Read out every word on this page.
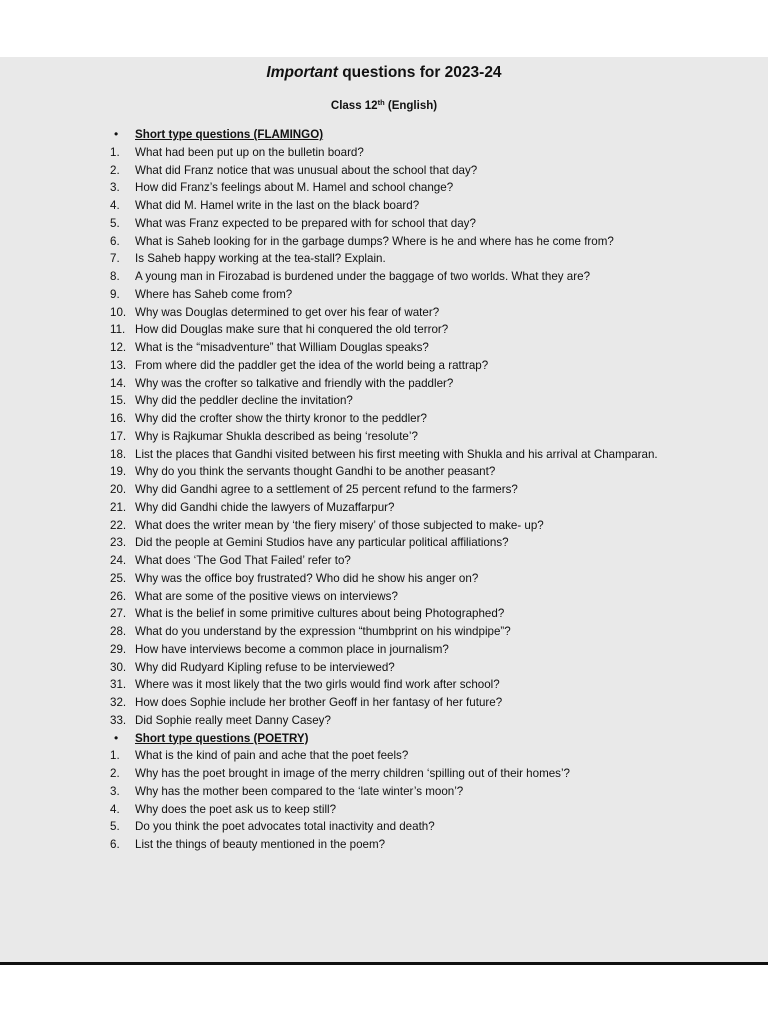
Important questions for 2023-24
Class 12th (English)
•	Short type questions (FLAMINGO)
1.	What had been put up on the bulletin board?
2.	What did Franz notice that was unusual about the school that day?
3.	How did Franz’s feelings about M. Hamel and school change?
4.	What did M. Hamel write in the last on the black board?
5.	What was Franz expected to be prepared with for school that day?
6.	What is Saheb looking for in the garbage dumps? Where is he and where has he come from?
7.	Is Saheb happy working at the tea-stall? Explain.
8.	A young man in Firozabad is burdened under the baggage of two worlds. What they are?
9.	Where has Saheb come from?
10. Why was Douglas determined to get over his fear of water?
11. How did Douglas make sure that hi conquered the old terror?
12. What is the “misadventure” that William Douglas speaks?
13. From where did the paddler get the idea of the world being a rattrap?
14. Why was the crofter so talkative and friendly with the paddler?
15. Why did the peddler decline the invitation?
16. Why did the crofter show the thirty kronor to the peddler?
17. Why is Rajkumar Shukla described as being ‘resolute’?
18. List the places that Gandhi visited between his first meeting with Shukla and his arrival at Champaran.
19. Why do you think the servants thought Gandhi to be another peasant?
20. Why did Gandhi agree to a settlement of 25 percent refund to the farmers?
21. Why did Gandhi chide the lawyers of Muzaffarpur?
22. What does the writer mean by ‘the fiery misery’ of those subjected to make- up?
23. Did the people at Gemini Studios have any particular political affiliations?
24. What does ‘The God That Failed’ refer to?
25. Why was the office boy frustrated? Who did he show his anger on?
26. What are some of the positive views on interviews?
27. What is the belief in some primitive cultures about being Photographed?
28. What do you understand by the expression “thumbprint on his windpipe”?
29. How have interviews become a common place in journalism?
30. Why did Rudyard Kipling refuse to be interviewed?
31. Where was it most likely that the two girls would find work after school?
32. How does Sophie include her brother Geoff in her fantasy of her future?
33. Did Sophie really meet Danny Casey?
•	Short type questions (POETRY)
1.	What is the kind of pain and ache that the poet feels?
2.	Why has the poet brought in image of the merry children ‘spilling out of their homes’?
3.	Why has the mother been compared to the ‘late winter’s moon’?
4.	Why does the poet ask us to keep still?
5.	Do you think the poet advocates total inactivity and death?
6.	List the things of beauty mentioned in the poem?
